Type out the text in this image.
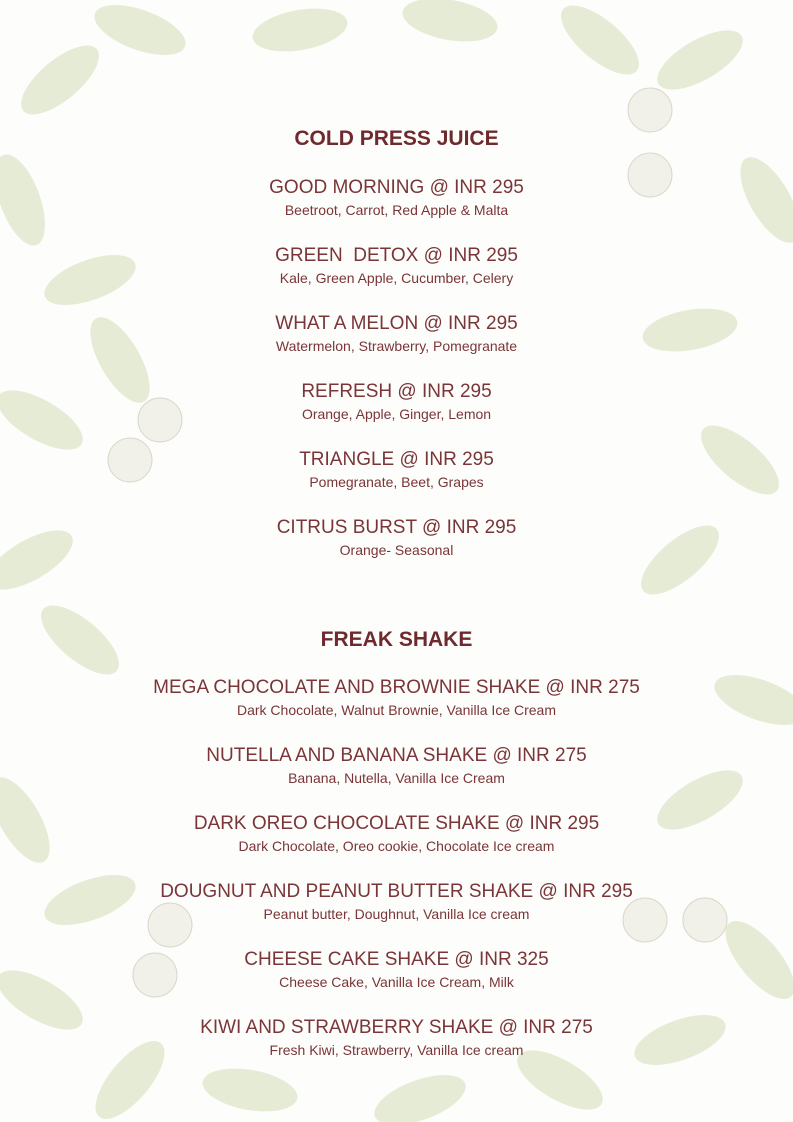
COLD PRESS JUICE
GOOD MORNING @ INR 295
Beetroot, Carrot, Red Apple & Malta
GREEN  DETOX @ INR 295
Kale, Green Apple, Cucumber, Celery
WHAT A MELON @ INR 295
Watermelon, Strawberry, Pomegranate
REFRESH @ INR 295
Orange, Apple, Ginger, Lemon
TRIANGLE @ INR 295
Pomegranate, Beet, Grapes
CITRUS BURST @ INR 295
Orange- Seasonal
FREAK SHAKE
MEGA CHOCOLATE AND BROWNIE SHAKE @ INR 275
Dark Chocolate, Walnut Brownie, Vanilla Ice Cream
NUTELLA AND BANANA SHAKE @ INR 275
Banana, Nutella, Vanilla Ice Cream
DARK OREO CHOCOLATE SHAKE @ INR 295
Dark Chocolate, Oreo cookie, Chocolate Ice cream
DOUGNUT AND PEANUT BUTTER SHAKE @ INR 295
Peanut butter, Doughnut, Vanilla Ice cream
CHEESE CAKE SHAKE @ INR 325
Cheese Cake, Vanilla Ice Cream, Milk
KIWI AND STRAWBERRY SHAKE @ INR 275
Fresh Kiwi, Strawberry, Vanilla Ice cream
